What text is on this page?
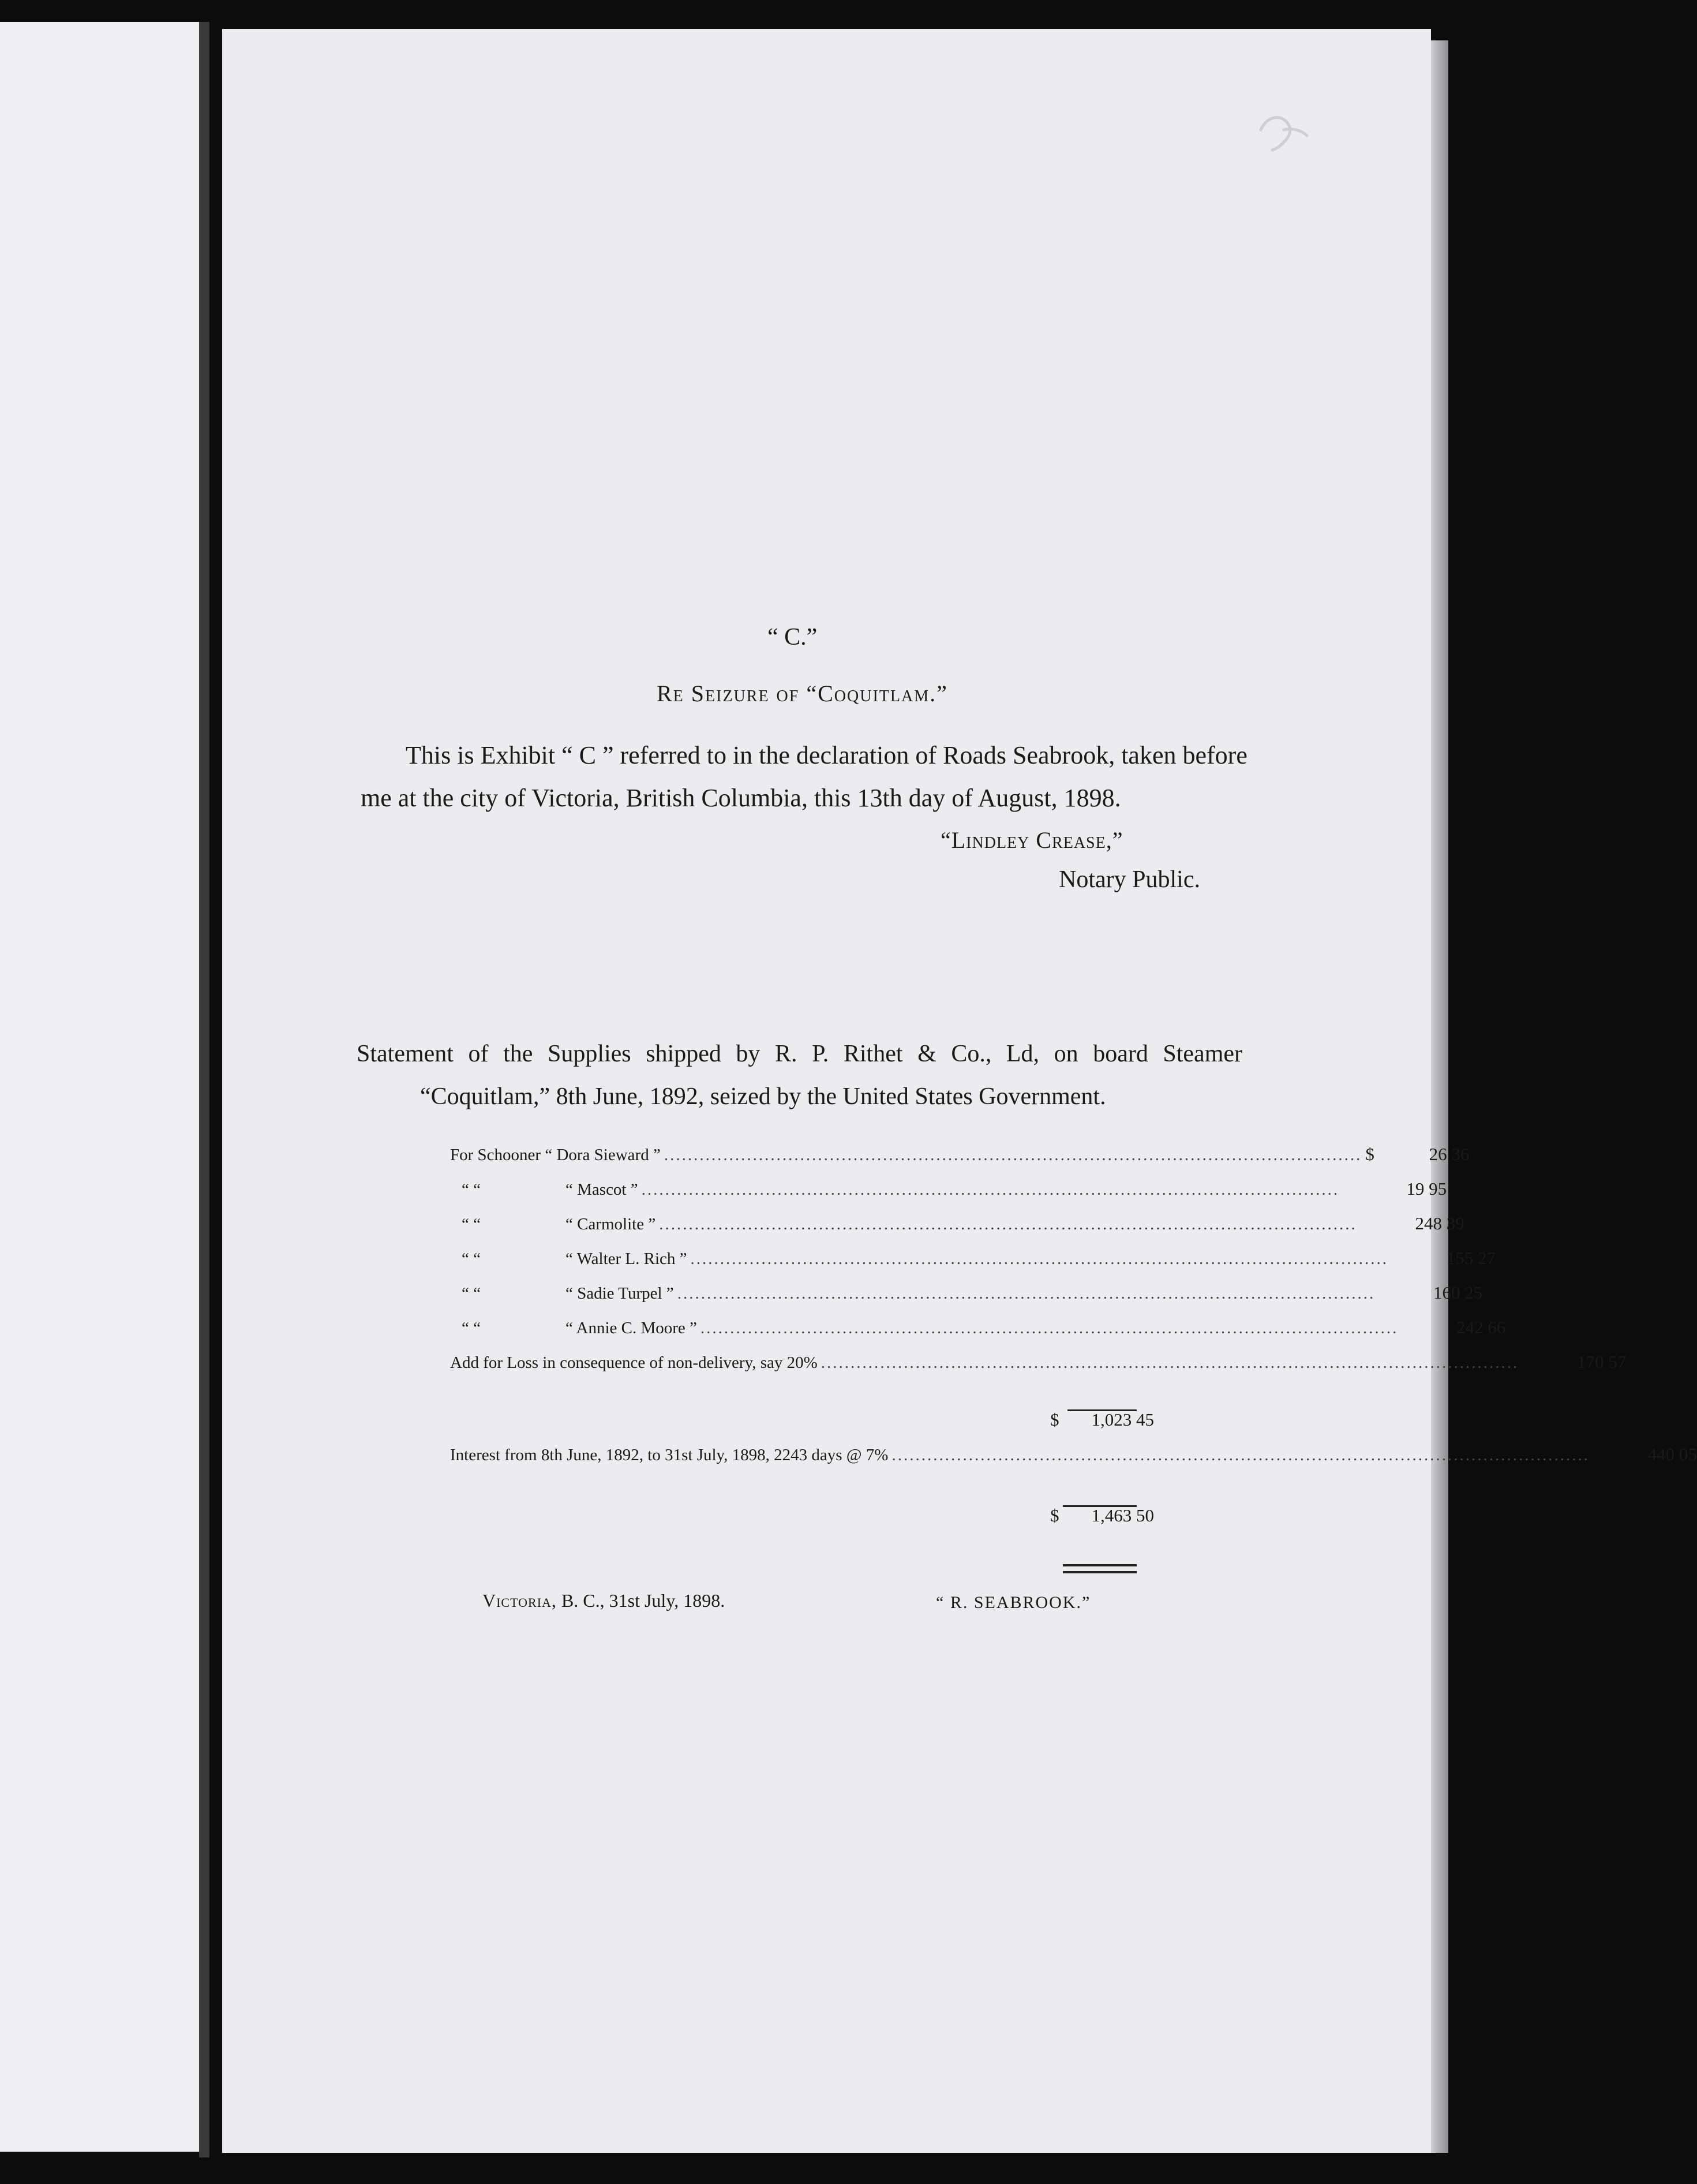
“ C.”
Re Seizure of “Coquitlam.”
This is Exhibit “ C ” referred to in the declaration of Roads Seabrook, taken before
me at the city of Victoria, British Columbia, this 13th day of August, 1898.
“Lindley Crease,”
Notary Public.
Statement of the Supplies shipped by R. P. Rithet & Co., Ld, on board Steamer
“Coquitlam,” 8th June, 1892, seized by the United States Government.
For Schooner “ Dora Sieward ” ...................................................................................................................... $	26 36
“ “	“ Mascot ” ......................................................................................................................	19 95
“ “	“ Carmolite ” ......................................................................................................................	248 39
“ “	“ Walter L. Rich ” ......................................................................................................................	155 27
“ “	“ Sadie Turpel ” ......................................................................................................................	160 25
“ “	“ Annie C. Moore ” ......................................................................................................................	242 66
Add for Loss in consequence of non-delivery, say 20% ......................................................................................................................	170 57
$	1,023 45
Interest from 8th June, 1892, to 31st July, 1898, 2243 days @ 7% ......................................................................................................................	440 05
$	1,463 50
Victoria, B. C., 31st July, 1898.	“ R. SEABROOK.”
